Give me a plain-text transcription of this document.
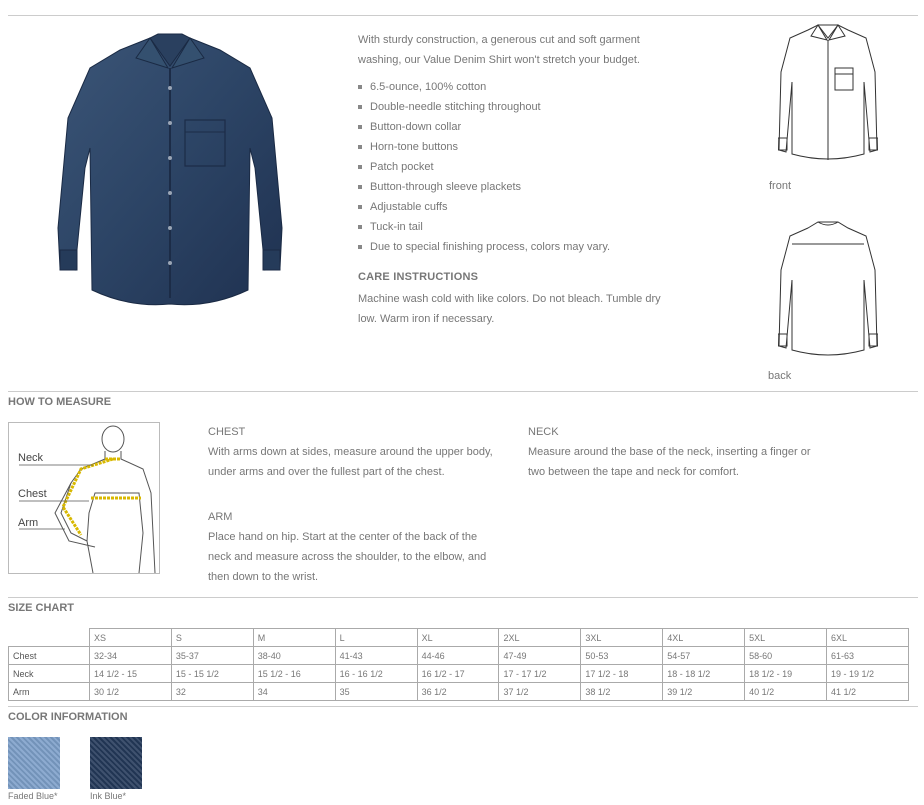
With sturdy construction, a generous cut and soft garment washing, our Value Denim Shirt won't stretch your budget.
6.5-ounce, 100% cotton
Double-needle stitching throughout
Button-down collar
Horn-tone buttons
Patch pocket
Button-through sleeve plackets
Adjustable cuffs
Tuck-in tail
Due to special finishing process, colors may vary.
CARE INSTRUCTIONS
Machine wash cold with like colors. Do not bleach. Tumble dry low. Warm iron if necessary.
front
back
HOW TO MEASURE
Neck
Chest
Arm
CHEST
With arms down at sides, measure around the upper body, under arms and over the fullest part of the chest.
NECK
Measure around the base of the neck, inserting a finger or two between the tape and neck for comfort.
ARM
Place hand on hip. Start at the center of the back of the neck and measure across the shoulder, to the elbow, and then down to the wrist.
SIZE CHART
	XS	S	M	L	XL	2XL	3XL	4XL	5XL	6XL
Chest	32-34	35-37	38-40	41-43	44-46	47-49	50-53	54-57	58-60	61-63
Neck	14 1/2 - 15	15 - 15 1/2	15 1/2 - 16	16 - 16 1/2	16 1/2 - 17	17 - 17 1/2	17 1/2 - 18	18 - 18 1/2	18 1/2 - 19	19 - 19 1/2
Arm	30 1/2	32	34	35	36 1/2	37 1/2	38 1/2	39 1/2	40 1/2	41 1/2
COLOR INFORMATION
Faded Blue*	Ink Blue*
